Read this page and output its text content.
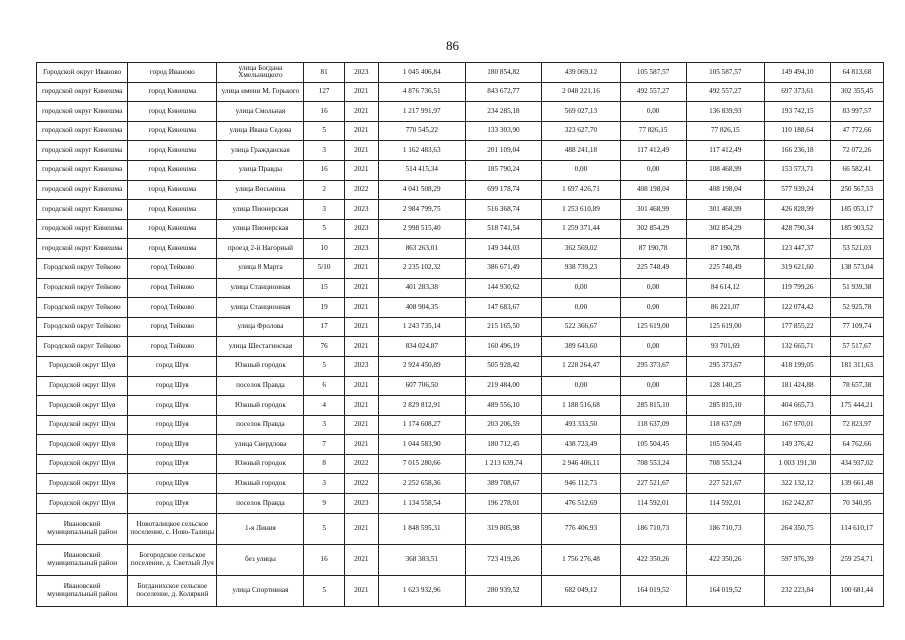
86
Городской округ Иваново	город Иваново	улица Богдана Хмельницкого	81	2023	1 045 406,84	180 854,82	439 069,12	105 587,57	105 587,57	149 494,10	64 813,68
городской округ Кинешма	город Кинешма	улица имени М. Горького	127	2021	4 876 736,51	843 672,77	2 048 221,16	492 557,27	492 557,27	697 373,61	302 355,45
городской округ Кинешма	город Кинешма	улица Смольная	16	2021	1 217 991,97	234 285,18	569 027,13	0,00	136 839,93	193 742,15	83 997,57
городской округ Кинешма	город Кинешма	улица Ивана Седова	5	2021	770 545,22	133 303,90	323 627,70	77 826,15	77 826,15	110 188,64	47 772,66
городской округ Кинешма	город Кинешма	улица Гражданская	3	2021	1 162 483,63	201 109,04	488 241,18	117 412,49	117 412,49	166 236,18	72 072,26
городской округ Кинешма	город Кинешма	улица Правды	16	2021	514 415,34	185 790,24	0,00	0,00	108 468,99	153 573,71	66 582,41
городской округ Кинешма	город Кинешма	улица Восьмина	2	2022	4 041 508,29	699 178,74	1 697 426,71	408 198,04	408 198,04	577 939,24	250 567,53
городской округ Кинешма	город Кинешма	улица Пионерская	3	2023	2 984 799,75	516 368,74	1 253 610,89	301 468,99	301 468,99	426 828,99	185 053,17
городской округ Кинешма	город Кинешма	улица Пионерская	5	2023	2 998 515,40	518 741,54	1 259 371,44	302 854,29	302 854,29	428 790,34	185 903,52
городской округ Кинешма	город Кинешма	проезд 2-й Нагорный	10	2023	863 263,01	149 344,03	362 569,02	87 190,78	87 190,78	123 447,37	53 521,03
Городской округ Тейково	город Тейково	улица 8 Марта	5/10	2021	2 235 102,32	386 671,49	938 739,23	225 748,49	225 748,49	319 621,60	138 573,04
Городской округ Тейково	город Тейково	улица Станционная	15	2021	401 283,38	144 930,62	0,00	0,00	84 614,12	119 799,26	51 939,38
Городской округ Тейково	город Тейково	улица Станционная	19	2021	408 904,35	147 683,67	0,00	0,00	86 221,07	122 074,42	52 925,78
Городской округ Тейково	город Тейково	улица Фролова	17	2021	1 243 735,14	215 165,50	522 366,67	125 619,00	125 619,00	177 855,22	77 109,74
Городской округ Тейково	город Тейково	улица Шестагинская	76	2021	834 024,87	160 496,19	389 643,60	0,00	93 701,69	132 665,71	57 517,67
Городской округ Шуя	город Шуя	Южный городок	5	2023	2 924 450,89	505 928,42	1 228 264,47	295 373,67	295 373,67	418 199,05	181 311,63
Городской округ Шуя	город Шуя	поселок Правда	6	2021	607 706,50	219 484,00	0,00	0,00	128 140,25	181 424,88	78 657,38
Городской округ Шуя	город Шуя	Южный городок	4	2021	2 829 812,91	489 556,10	1 188 516,68	285 815,10	285 815,10	404 665,73	175 444,21
Городской округ Шуя	город Шуя	поселок Правда	3	2021	1 174 608,27	203 206,59	493 333,50	118 637,09	118 637,09	167 970,01	72 823,97
Городской округ Шуя	город Шуя	улица Свердлова	7	2021	1 044 583,90	180 712,45	438 723,49	105 504,45	105 504,45	149 376,42	64 762,66
Городской округ Шуя	город Шуя	Южный городок	8	2022	7 015 280,66	1 213 639,74	2 946 406,11	708 553,24	708 553,24	1 003 191,30	434 937,02
Городской округ Шуя	город Шуя	Южный городок	3	2022	2 252 658,36	389 708,67	946 112,73	227 521,67	227 521,67	322 132,12	139 661,48
Городской округ Шуя	город Шуя	поселок Правда	9	2023	1 134 558,54	196 278,01	476 512,69	114 592,01	114 592,01	162 242,87	70 340,95
Ивановский муниципальный район	Новоталицкое сельское поселение, с. Ново-Талицы	1-я Линия	5	2021	1 848 595,31	319 805,98	776 406,93	186 710,73	186 710,73	264 350,75	114 610,17
Ивановский муниципальный район	Богородское сельское поселение, д. Светлый Луч	без улицы	16	2021	368 383,51	723 419,26	1 756 276,48	422 350,26	422 350,26	597 976,39	259 254,71
Ивановский муниципальный район	Богданихское сельское поселение, д. Коляркий	улица Спортивная	5	2021	1 623 932,96	280 939,52	682 049,12	164 019,52	164 019,52	232 223,84	100 681,44
